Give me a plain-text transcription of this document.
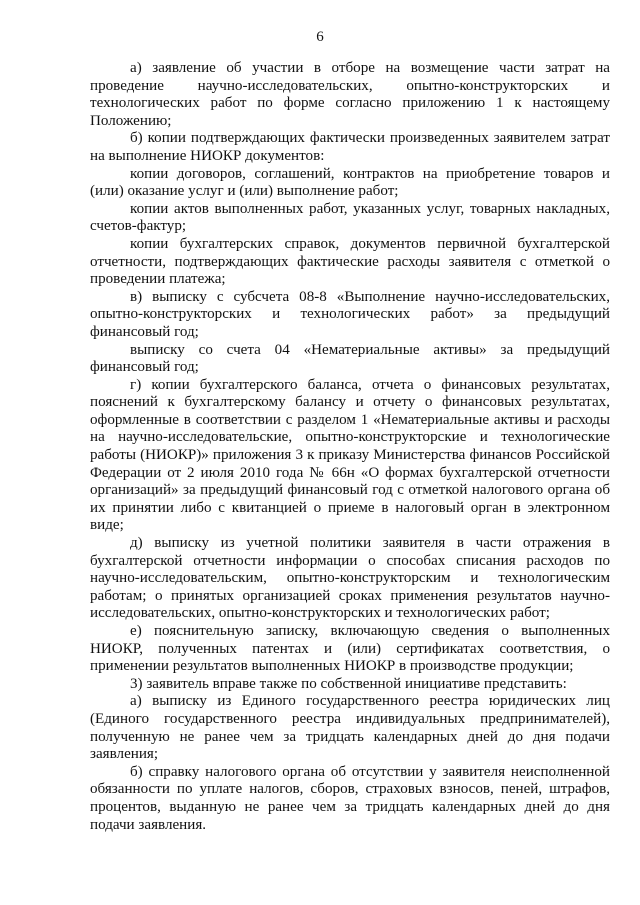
6

а) заявление об участии в отборе на возмещение части затрат на проведение научно-исследовательских, опытно-конструкторских и технологических работ по форме согласно приложению 1 к настоящему Положению;

б) копии подтверждающих фактически произведенных заявителем затрат на выполнение НИОКР документов:

копии договоров, соглашений, контрактов на приобретение товаров и (или) оказание услуг и (или) выполнение работ;

копии актов выполненных работ, указанных услуг, товарных накладных, счетов-фактур;

копии бухгалтерских справок, документов первичной бухгалтерской отчетности, подтверждающих фактические расходы заявителя с отметкой о проведении платежа;

в) выписку с субсчета 08-8 «Выполнение научно-исследовательских, опытно-конструкторских и технологических работ» за предыдущий финансовый год;

выписку со счета 04 «Нематериальные активы» за предыдущий финансовый год;

г) копии бухгалтерского баланса, отчета о финансовых результатах, пояснений к бухгалтерскому балансу и отчету о финансовых результатах, оформленные в соответствии с разделом 1 «Нематериальные активы и расходы на научно-исследовательские, опытно-конструкторские и технологические работы (НИОКР)» приложения 3 к приказу Министерства финансов Российской Федерации от 2 июля 2010 года № 66н «О формах бухгалтерской отчетности организаций» за предыдущий финансовый год с отметкой налогового органа об их принятии либо с квитанцией о приеме в налоговый орган в электронном виде;

д) выписку из учетной политики заявителя в части отражения в бухгалтерской отчетности информации о способах списания расходов по научно-исследовательским, опытно-конструкторским и технологическим работам; о принятых организацией сроках применения результатов научно-исследовательских, опытно-конструкторских и технологических работ;

е) пояснительную записку, включающую сведения о выполненных НИОКР, полученных патентах и (или) сертификатах соответствия, о применении результатов выполненных НИОКР в производстве продукции;

3) заявитель вправе также по собственной инициативе представить:

а) выписку из Единого государственного реестра юридических лиц (Единого государственного реестра индивидуальных предпринимателей), полученную не ранее чем за тридцать календарных дней до дня подачи заявления;

б) справку налогового органа об отсутствии у заявителя неисполненной обязанности по уплате налогов, сборов, страховых взносов, пеней, штрафов, процентов, выданную не ранее чем за тридцать календарных дней до дня подачи заявления.
